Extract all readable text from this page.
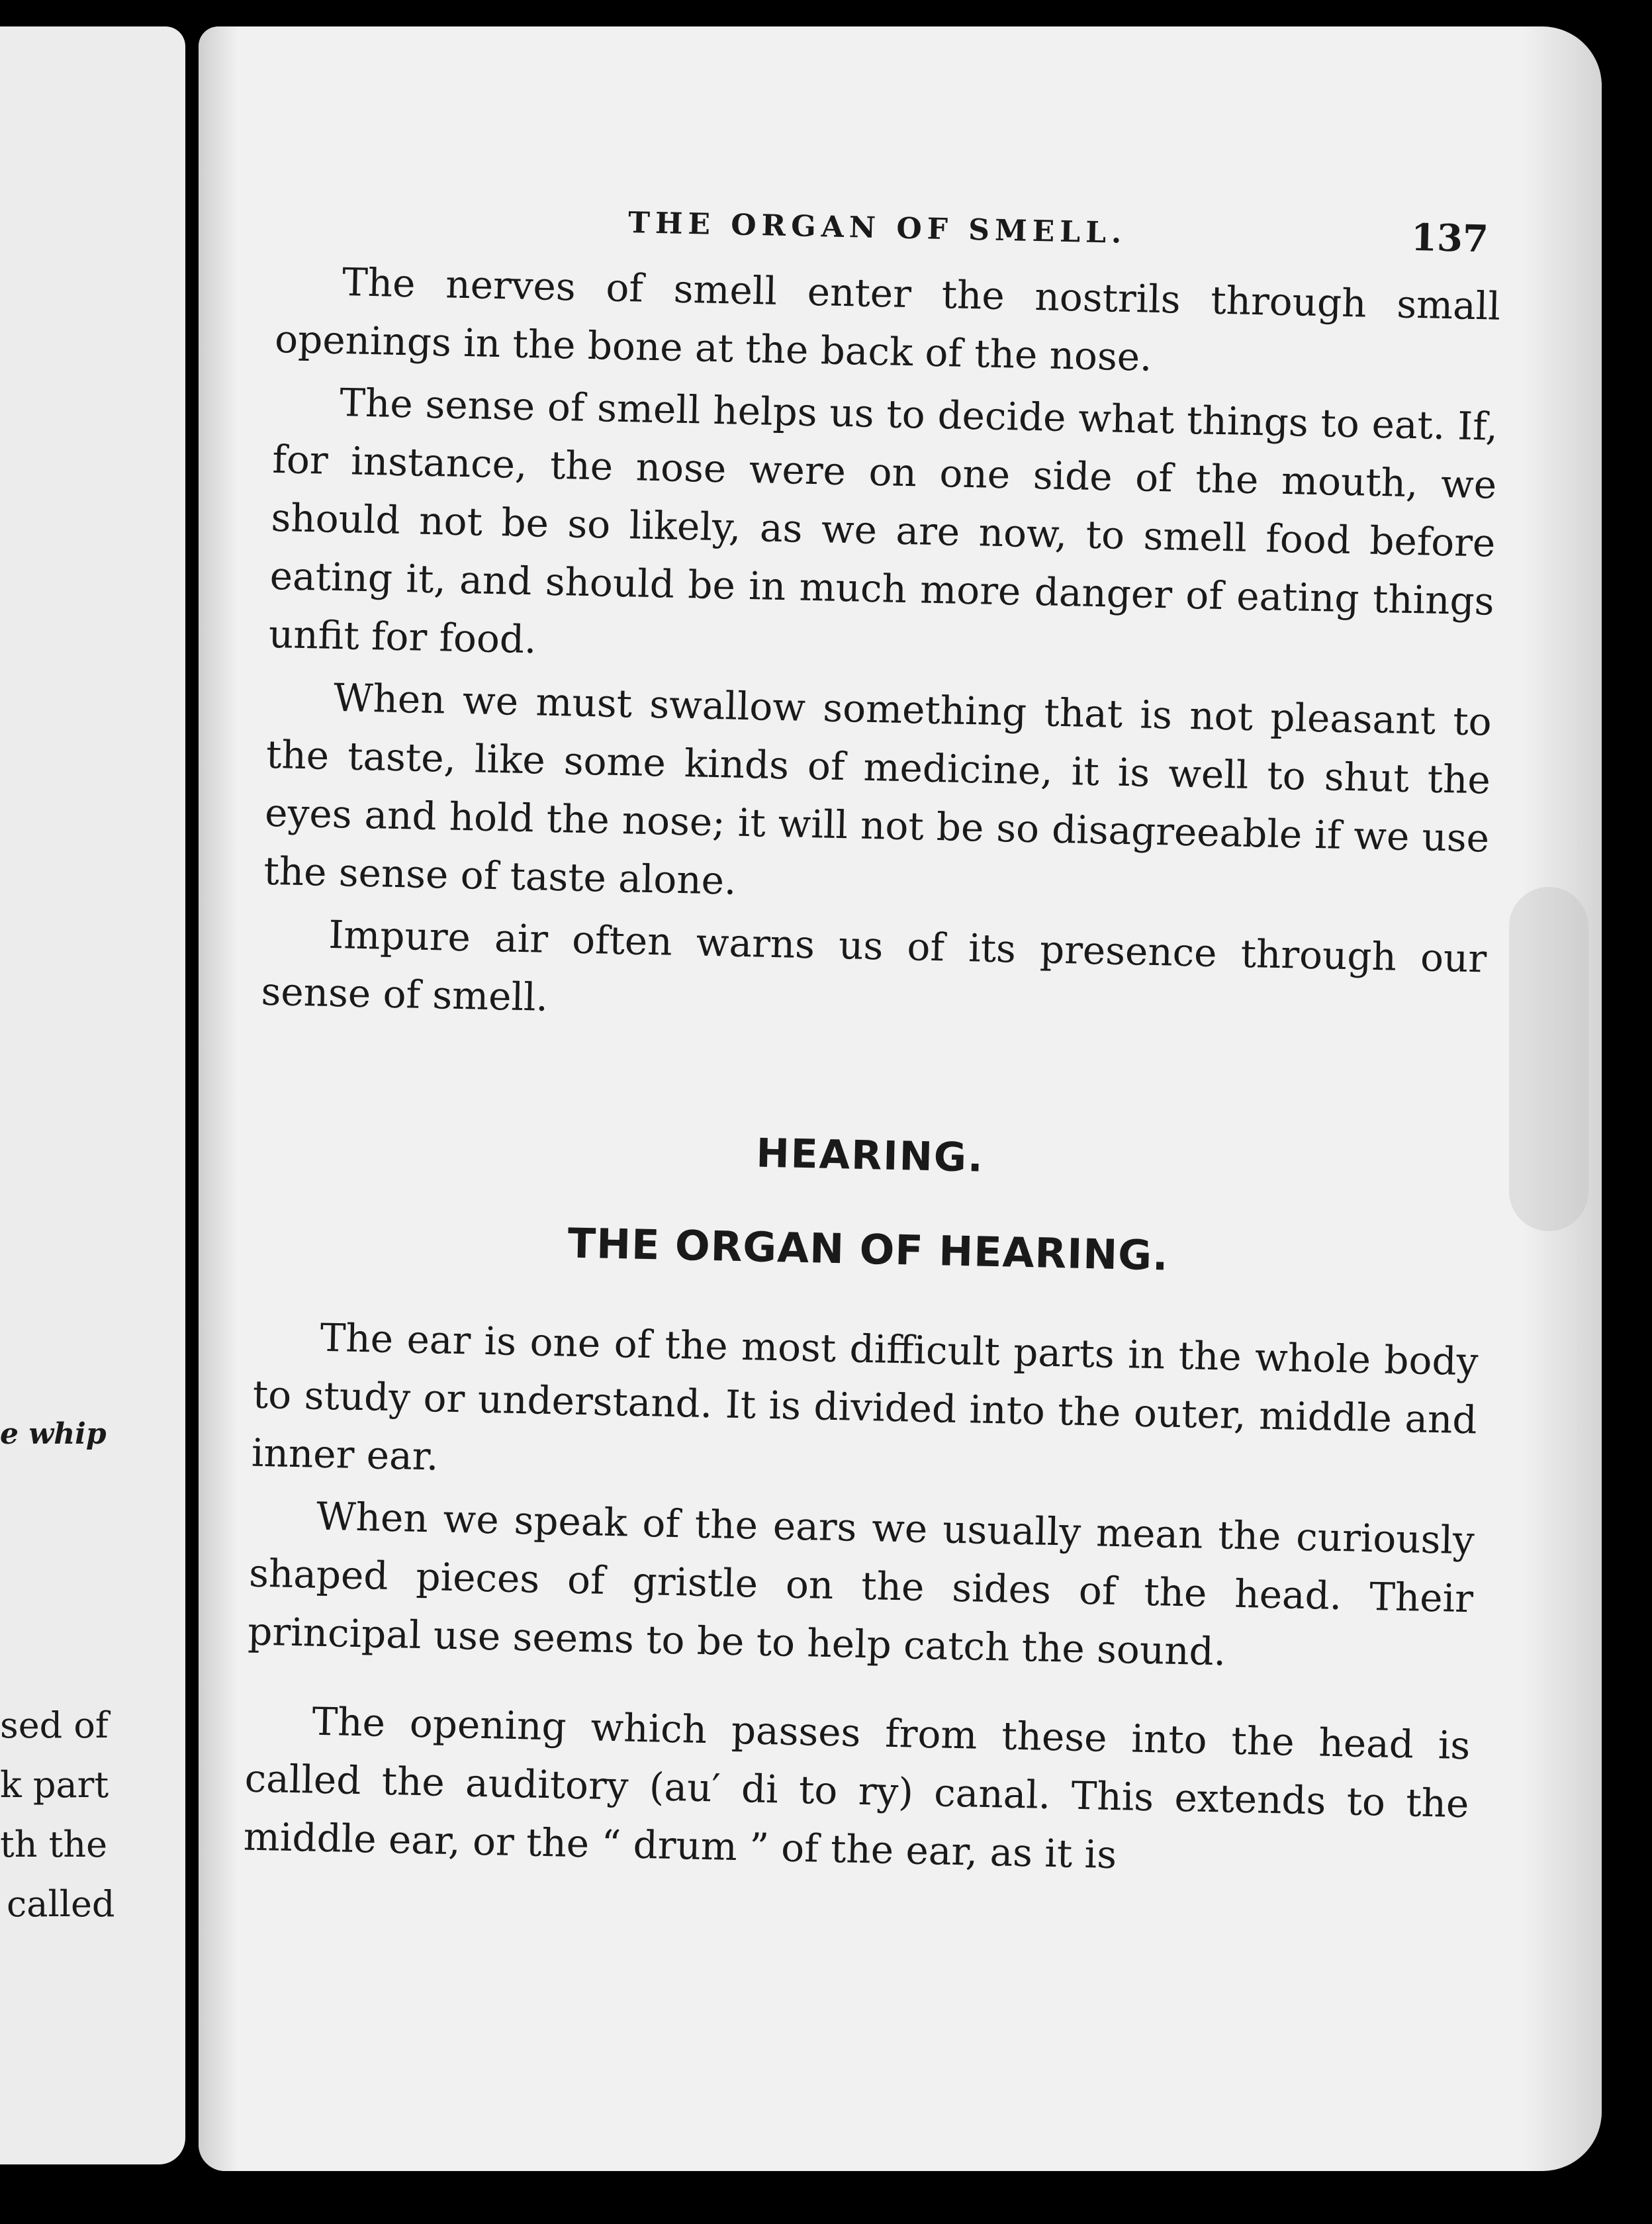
e whip
sed of
k part
th the
called
THE ORGAN OF SMELL.	137

The nerves of smell enter the nostrils through small openings in the bone at the back of the nose.

The sense of smell helps us to decide what things to eat. If, for instance, the nose were on one side of the mouth, we should not be so likely, as we are now, to smell food before eating it, and should be in much more danger of eating things unfit for food.

When we must swallow something that is not pleasant to the taste, like some kinds of medicine, it is well to shut the eyes and hold the nose; it will not be so disagreeable if we use the sense of taste alone.

Impure air often warns us of its presence through our sense of smell.

HEARING.
THE ORGAN OF HEARING.

The ear is one of the most difficult parts in the whole body to study or understand. It is divided into the outer, middle and inner ear.

When we speak of the ears we usually mean the curiously shaped pieces of gristle on the sides of the head. Their principal use seems to be to help catch the sound.

The opening which passes from these into the head is called the auditory (au′ di to ry) canal. This extends to the middle ear, or the “ drum ” of the ear, as it is
